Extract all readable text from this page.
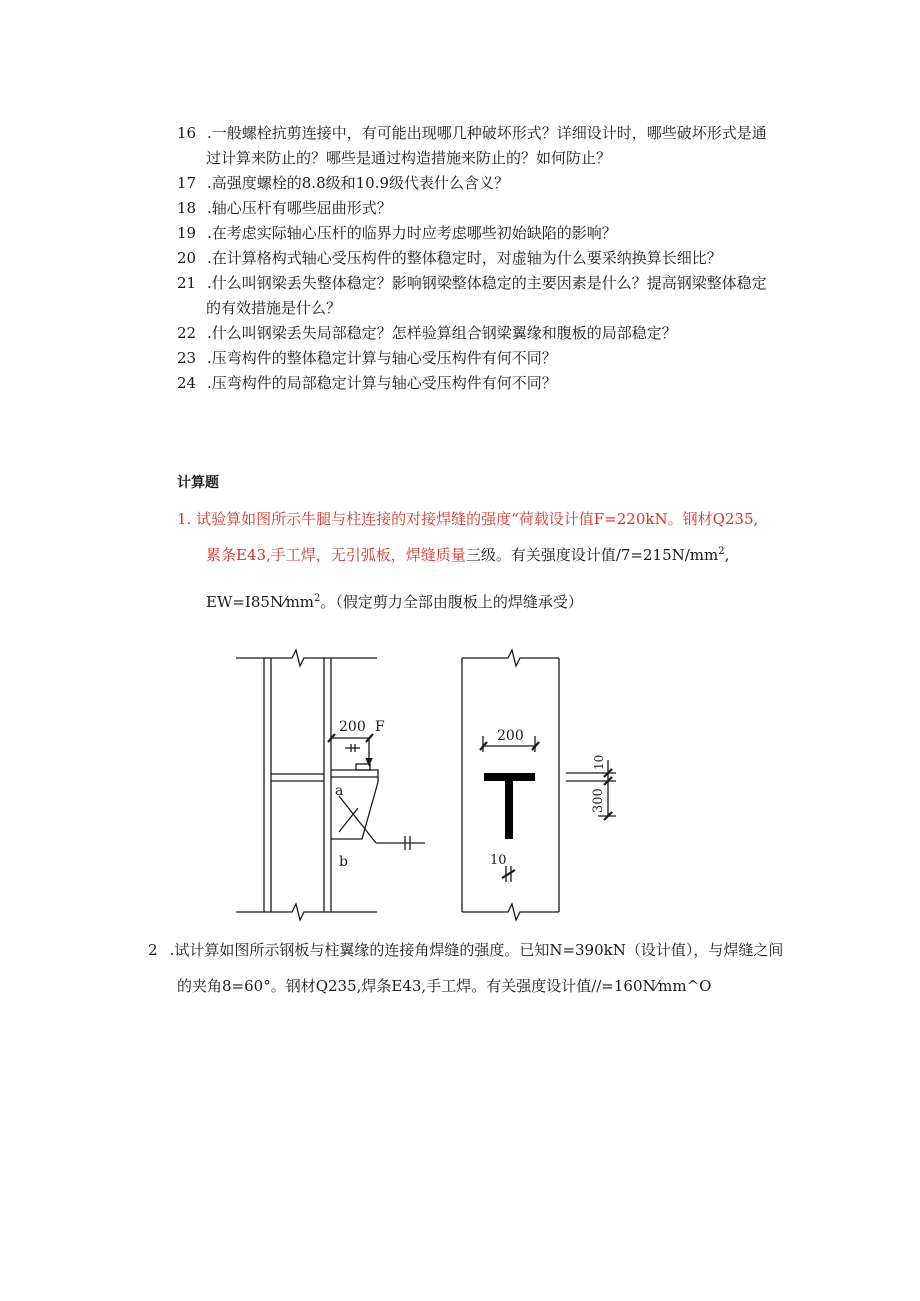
16 .一般螺栓抗剪连接中，有可能出现哪几种破坏形式？详细设计时，哪些破坏形式是通
过计算来防止的？哪些是通过构造措施来防止的？如何防止？
17 .高强度螺栓的8.8级和10.9级代表什么含义？
18 .轴心压杆有哪些屈曲形式？
19 .在考虑实际轴心压杆的临界力时应考虑哪些初始缺陷的影响？
20 .在计算格构式轴心受压构件的整体稳定时，对虚轴为什么要采纳换算长细比？
21 .什么叫钢梁丢失整体稳定？影响钢梁整体稳定的主要因素是什么？提高钢梁整体稳定
的有效措施是什么？
22 .什么叫钢梁丢失局部稳定？怎样验算组合钢梁翼缘和腹板的局部稳定？
23 .压弯构件的整体稳定计算与轴心受压构件有何不同？
24 .压弯构件的局部稳定计算与轴心受压构件有何不同？
计算题
1. 试验算如图所示牛腿与柱连接的对接焊缝的强度“荷载设计值F=220kN。钢材Q235,
累条E43,手工焊，无引弧板，焊缝质量三级。有关强度设计值$/7=215N/mm^2$,
$EW=I85N⁄mm^2$。（假定剪力全部由腹板上的焊缝承受）
200 F
a
b
200
10
300
10
2 .试计算如图所示钢板与柱翼缘的连接角焊缝的强度。已知N=390kN（设计值），与焊缝之间
的夹角8=60°。钢材Q235,焊条E43,手工焊。有关强度设计值//=160N⁄mm^O
